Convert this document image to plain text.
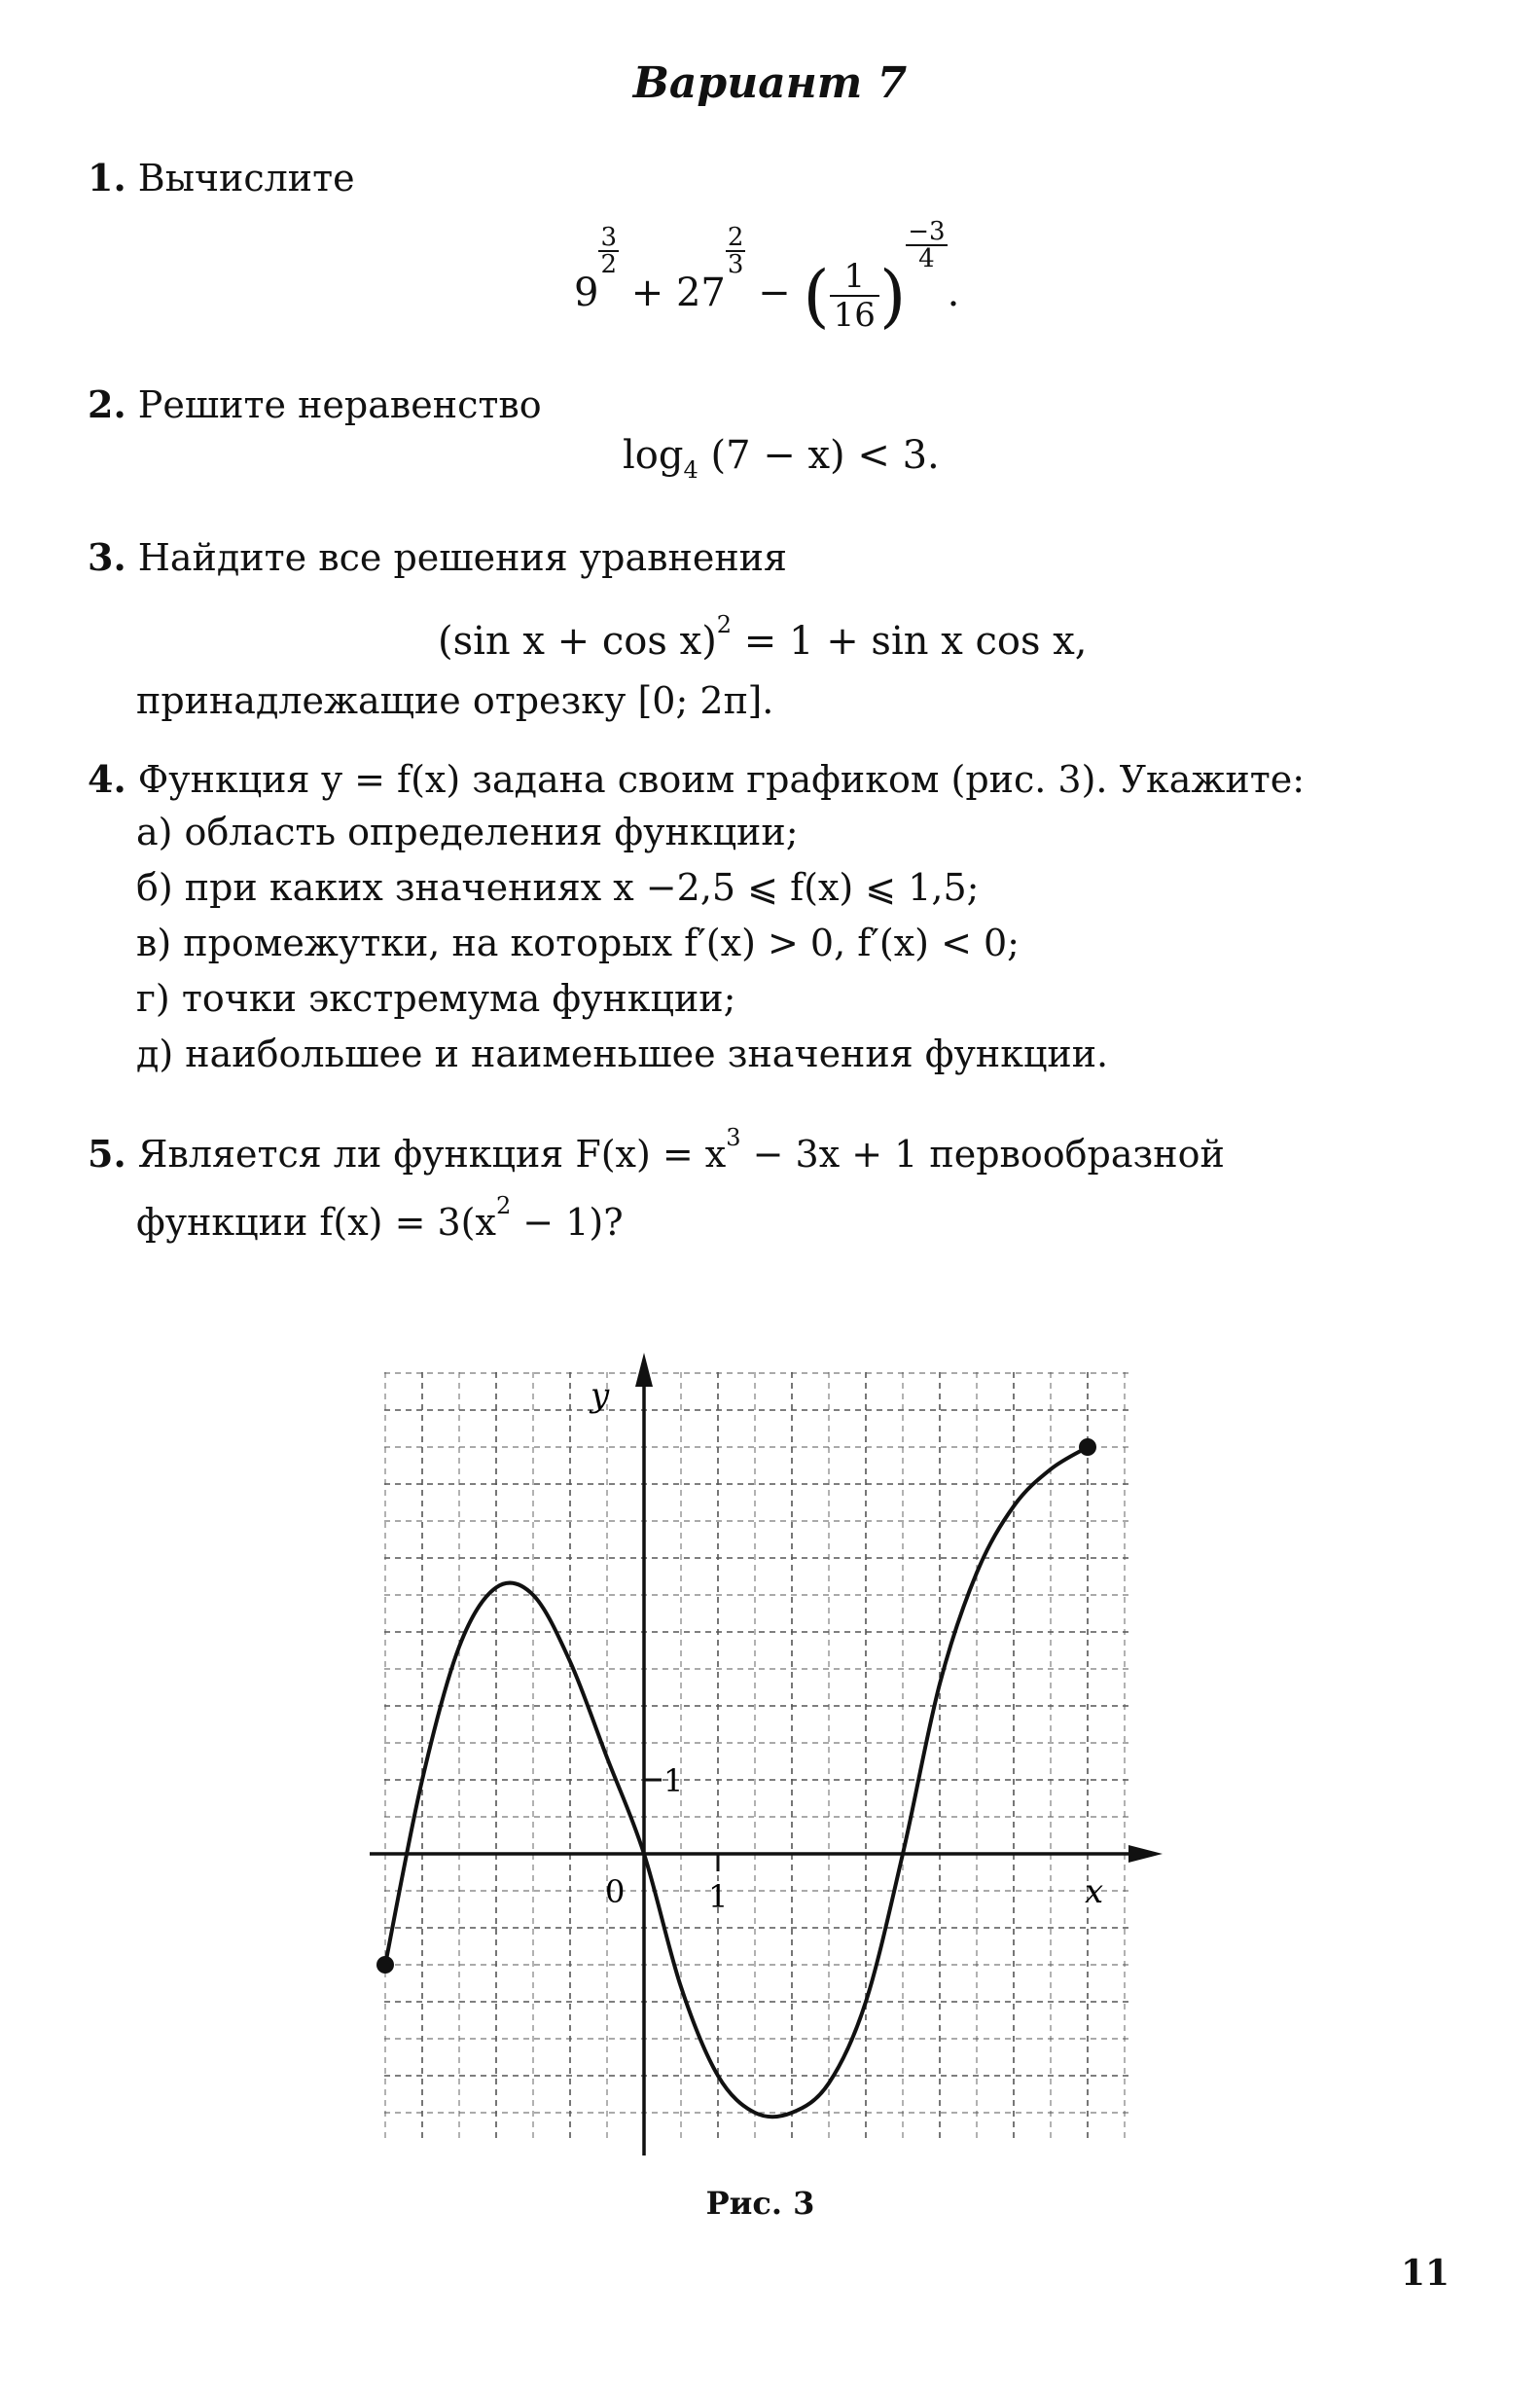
Вариант 7
1. Вычислите
9
$\frac{3}{2}$
+ 27
$\frac{2}{3}$
− ( $\frac{1}{16}$ )
$\frac{-3}{4}$
.
2. Решите неравенство
$\log_4 (7 - x) < 3$.
3. Найдите все решения уравнения
(sin x + cos x)$^2$ = 1 + sin x cos x,
принадлежащие отрезку [0; 2π].
4. Функция y = f(x) задана своим графиком (рис. 3). Укажите:
а) область определения функции;
б) при каких значениях x −2,5 ⩽ f(x) ⩽ 1,5;
в) промежутки, на которых f′(x) > 0, f′(x) < 0;
г) точки экстремума функции;
д) наибольшее и наименьшее значения функции.
5. Является ли функция $F(x) = x^3 - 3x + 1$ первообразной
функции $f(x) = 3(x^2 - 1)$?
y
x
0	1
1
Рис. 3
11
